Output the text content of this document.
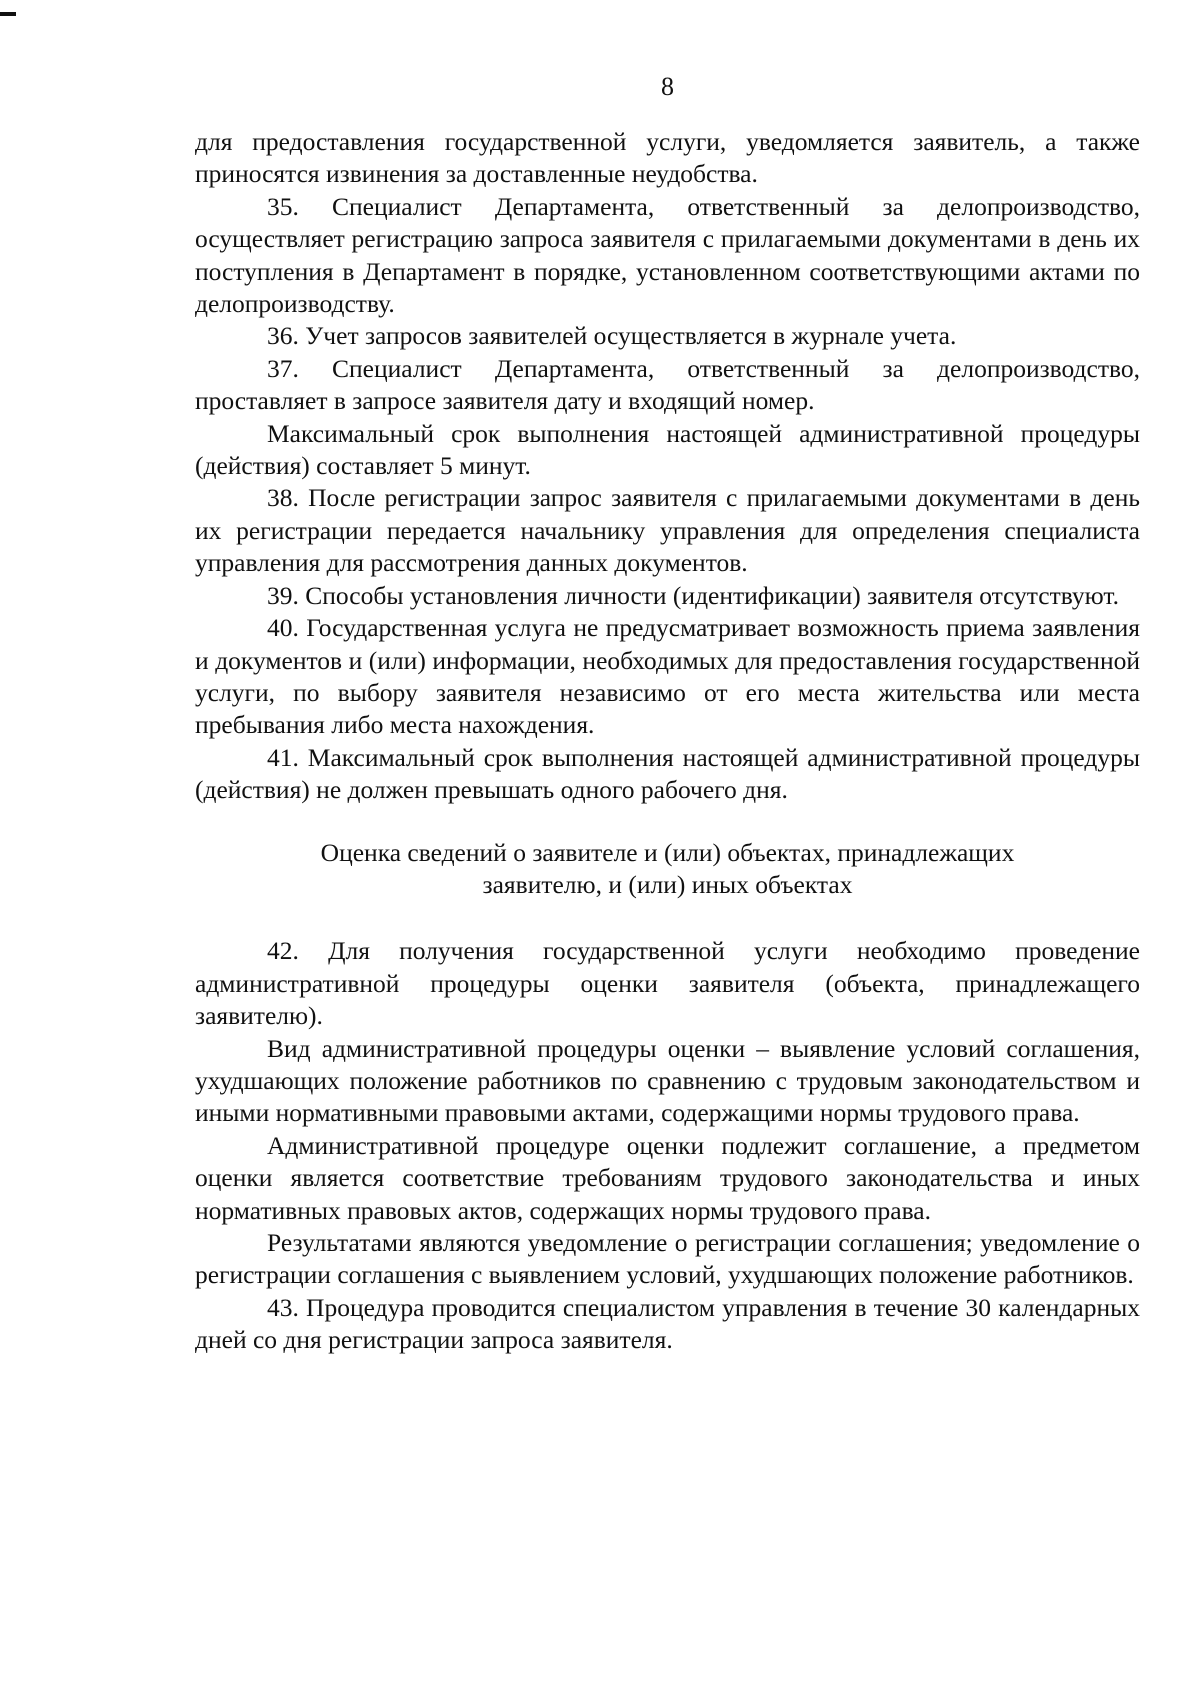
8

для предоставления государственной услуги, уведомляется заявитель, а также приносятся извинения за доставленные неудобства.

35. Специалист Департамента, ответственный за делопроизводство, осуществляет регистрацию запроса заявителя с прилагаемыми документами в день их поступления в Департамент в порядке, установленном соответствующими актами по делопроизводству.

36. Учет запросов заявителей осуществляется в журнале учета.

37. Специалист Департамента, ответственный за делопроизводство, проставляет в запросе заявителя дату и входящий номер.

Максимальный срок выполнения настоящей административной процедуры (действия) составляет 5 минут.

38. После регистрации запрос заявителя с прилагаемыми документами в день их регистрации передается начальнику управления для определения специалиста управления для рассмотрения данных документов.

39. Способы установления личности (идентификации) заявителя отсутствуют.

40. Государственная услуга не предусматривает возможность приема заявления и документов и (или) информации, необходимых для предоставления государственной услуги, по выбору заявителя независимо от его места жительства или места пребывания либо места нахождения.

41. Максимальный срок выполнения настоящей административной процедуры (действия) не должен превышать одного рабочего дня.

Оценка сведений о заявителе и (или) объектах, принадлежащих
заявителю, и (или) иных объектах

42. Для получения государственной услуги необходимо проведение административной процедуры оценки заявителя (объекта, принадлежащего заявителю).

Вид административной процедуры оценки – выявление условий соглашения, ухудшающих положение работников по сравнению с трудовым законодательством и иными нормативными правовыми актами, содержащими нормы трудового права.

Административной процедуре оценки подлежит соглашение, а предметом оценки является соответствие требованиям трудового законодательства и иных нормативных правовых актов, содержащих нормы трудового права.

Результатами являются уведомление о регистрации соглашения; уведомление о регистрации соглашения с выявлением условий, ухудшающих положение работников.

43. Процедура проводится специалистом управления в течение 30 календарных дней со дня регистрации запроса заявителя.
